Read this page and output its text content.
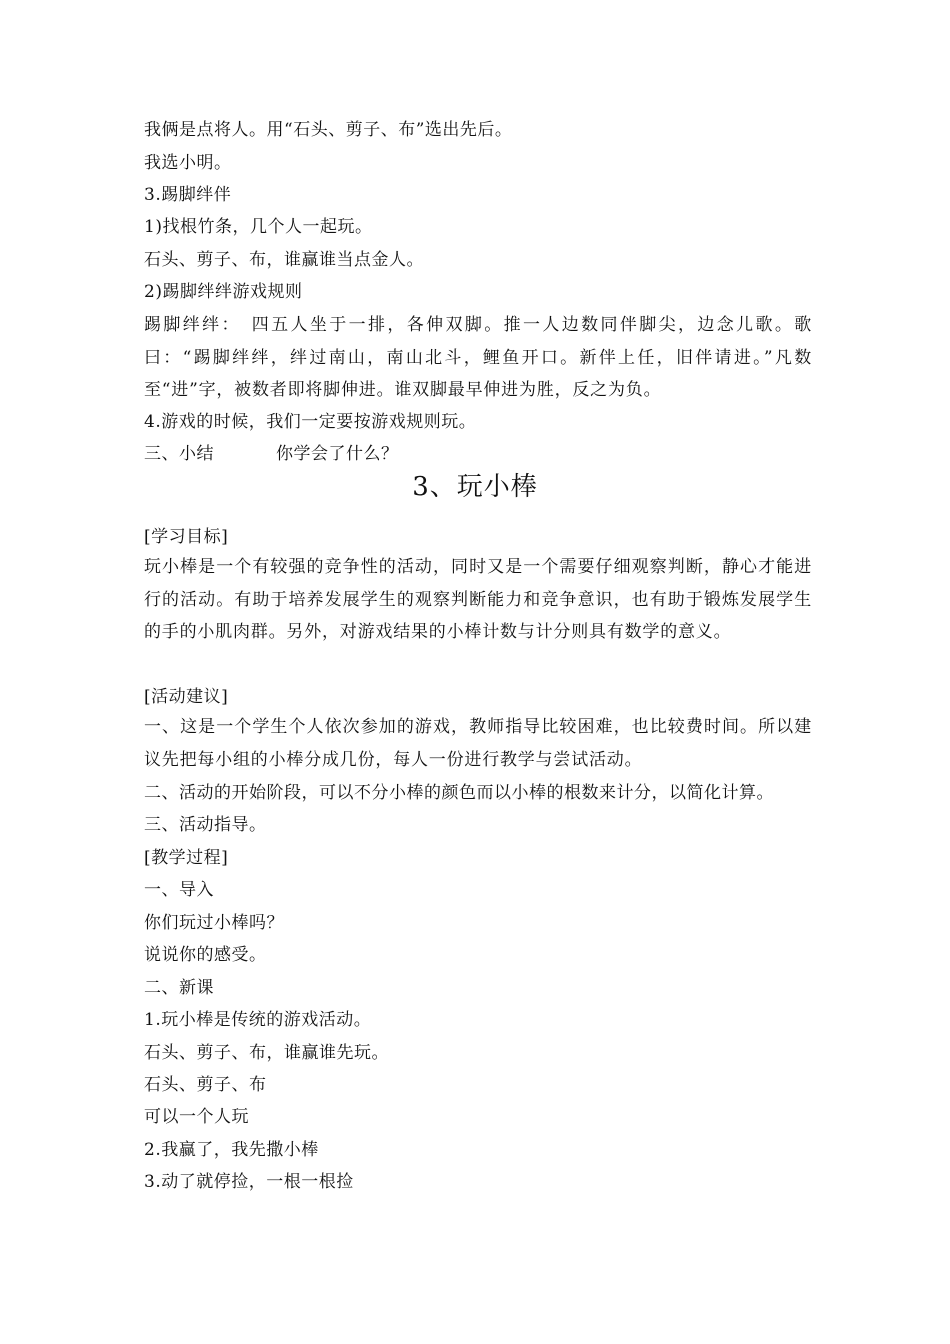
我俩是点将人。用“石头、剪子、布”选出先后。
我选小明。
3.踢脚绊伴
1)找根竹条，几个人一起玩。
石头、剪子、布，谁赢谁当点金人。
2)踢脚绊绊游戏规则
踢脚绊绊：　四五人坐于一排，各伸双脚。推一人边数同伴脚尖，边念儿歌。歌曰：“踢脚绊绊，绊过南山，南山北斗，鲤鱼开口。新伴上任，旧伴请进。”凡数至“进”字，被数者即将脚伸进。谁双脚最早伸进为胜，反之为负。
4.游戏的时候，我们一定要按游戏规则玩。
三、小结	你学会了什么？
3、玩小棒
[学习目标]
玩小棒是一个有较强的竞争性的活动，同时又是一个需要仔细观察判断，静心才能进行的活动。有助于培养发展学生的观察判断能力和竞争意识，也有助于锻炼发展学生的手的小肌肉群。另外，对游戏结果的小棒计数与计分则具有数学的意义。
[活动建议]
一、这是一个学生个人依次参加的游戏，教师指导比较困难，也比较费时间。所以建议先把每小组的小棒分成几份，每人一份进行教学与尝试活动。
二、活动的开始阶段，可以不分小棒的颜色而以小棒的根数来计分，以简化计算。
三、活动指导。
[教学过程]
一、导入
你们玩过小棒吗？
说说你的感受。
二、新课
1.玩小棒是传统的游戏活动。
石头、剪子、布，谁赢谁先玩。
石头、剪子、布
可以一个人玩
2.我赢了，我先撒小棒
3.动了就停捡，一根一根捡
